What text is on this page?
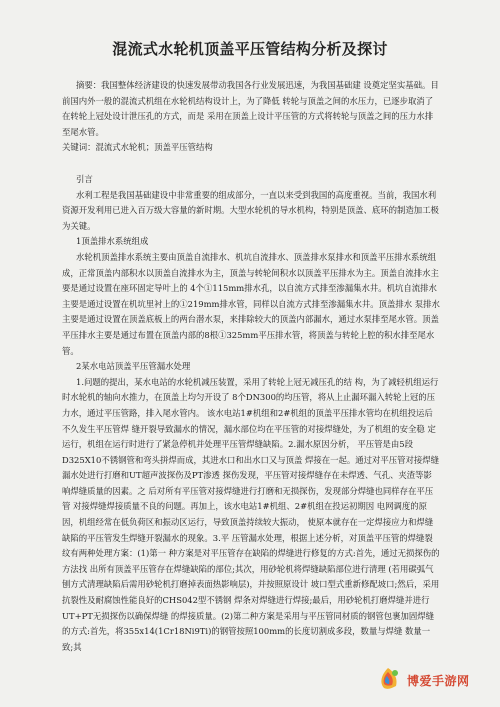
混流式水轮机顶盖平压管结构分析及探讨

摘要：我国整体经济建设的快速发展带动我国各行业发展迅速，为我国基础建 设奠定坚实基础。目前国内外一般的混流式机组在水轮机结构设计上，为了降低 转轮与顶盖之间的水压力，已逐步取消了在转轮上冠处设计泄压孔的方式，而是 采用在顶盖上设计平压管的方式将转轮与顶盖之间的压力水排至尾水管。

关键词：混流式水轮机；顶盖平压管结构

引言

水利工程是我国基础建设中非常重要的组成部分，一直以来受到我国的高度重视。当前，我国水利资源开发利用已进入百万级大容量的新时期。大型水轮机的导水机构，特别是顶盖、底环的制造加工极为关键。

1顶盖排水系统组成

水轮机顶盖排水系统主要由顶盖自流排水、机坑自流排水、顶盖排水泵排水和顶盖平压排水系统组成，正常顶盖内部积水以顶盖自流排水为主，顶盖与转轮间积水以顶盖平压排水为主。顶盖自流排水主要是通过设置在座环固定导叶上的 4个①115mm排水孔，以自流方式排至渗漏集水井。机坑自流排水主要是通过设置在机坑里衬上的①219mm排水管，同样以自流方式排至渗漏集水井。顶盖排水 泵排水主要是通过设置在顶盖底板上的两台潜水泵，来排除较大的顶盖内部漏水，通过水泵排至尾水管。顶盖平压排水主要是通过布置在顶盖内部的8根①325mm平压排水管，将顶盖与转轮上腔的积水排至尾水管。

2某水电站顶盖平压管漏水处理

1.问题的提出，某水电站的水轮机减压装置，采用了转轮上冠无减压孔的结 构，为了减轻机组运行时水轮机的轴向水推力，在顶盖上均匀开设了 8个DN300的均压管，将从上止漏环漏入转轮上冠的压力水，通过平压管路，排入尾水管内。 该水电站1#机组和2#机组的顶盖平压排水管均在机组投运后不久发生平压管焊 缝开裂导致漏水的情况，漏水部位均在平压管的对接焊缝处，为了机组的安全稳 定运行，机组在运行时进行了紧急停机并处理平压管焊缝缺陷。2.漏水原因分析， 平压管是由5段D325X10不锈钢管和弯头拼焊而成，其进水口和出水口又与顶盖 焊接在一起。通过对平压管对接焊缝漏水处进行打磨和UT超声波探伤及PT渗透 探伤发现，平压管对接焊缝存在未焊透、气孔、夹渣等影响焊缝质量的因素。之 后对所有平压管对接焊缝进行打磨和无损探伤，发现部分焊缝也同样存在平压管 对接焊缝焊接质量不良的问题。再加上，该水电站1#机组、2#机组在投运初期因 电网调度的原因，机组经常在低负荷区和振动区运行，导致顶盖持续较大振动， 使原本就存在一定焊接应力和焊缝缺陷的平压管发生焊缝开裂漏水的现象。3.平 压管漏水处理，根据上述分析，对顶盖平压管的焊缝裂纹有两种处理方案：(1)第一 种方案是对平压管存在缺陷的焊缝进行修复的方式:首先，通过无损探伤的方法找 出所有顶盖平压管存在焊缝缺陷的部位;其次，用砂轮机将焊缝缺陷部位进行清理 (若用碳弧气刨方式清理缺陷后需用砂轮机打磨掉表面热影响层)，并按照原设计 坡口型式重新修配坡口;然后，采用抗裂性及耐腐蚀性能良好的CHS042型不锈钢 焊条对焊缝进行焊接;最后，用砂轮机打磨焊缝并进行UT+PT无损探伤以确保焊缝 的焊接质量。(2)第二种方案是采用与平压管同材质的钢管包裹加固焊缝的方式:首先，将355x14(1Cr18Ni9Ti)的钢管按照100mm的长度切割成多段，数量与焊缝 数量一致;其

博爱手游网
